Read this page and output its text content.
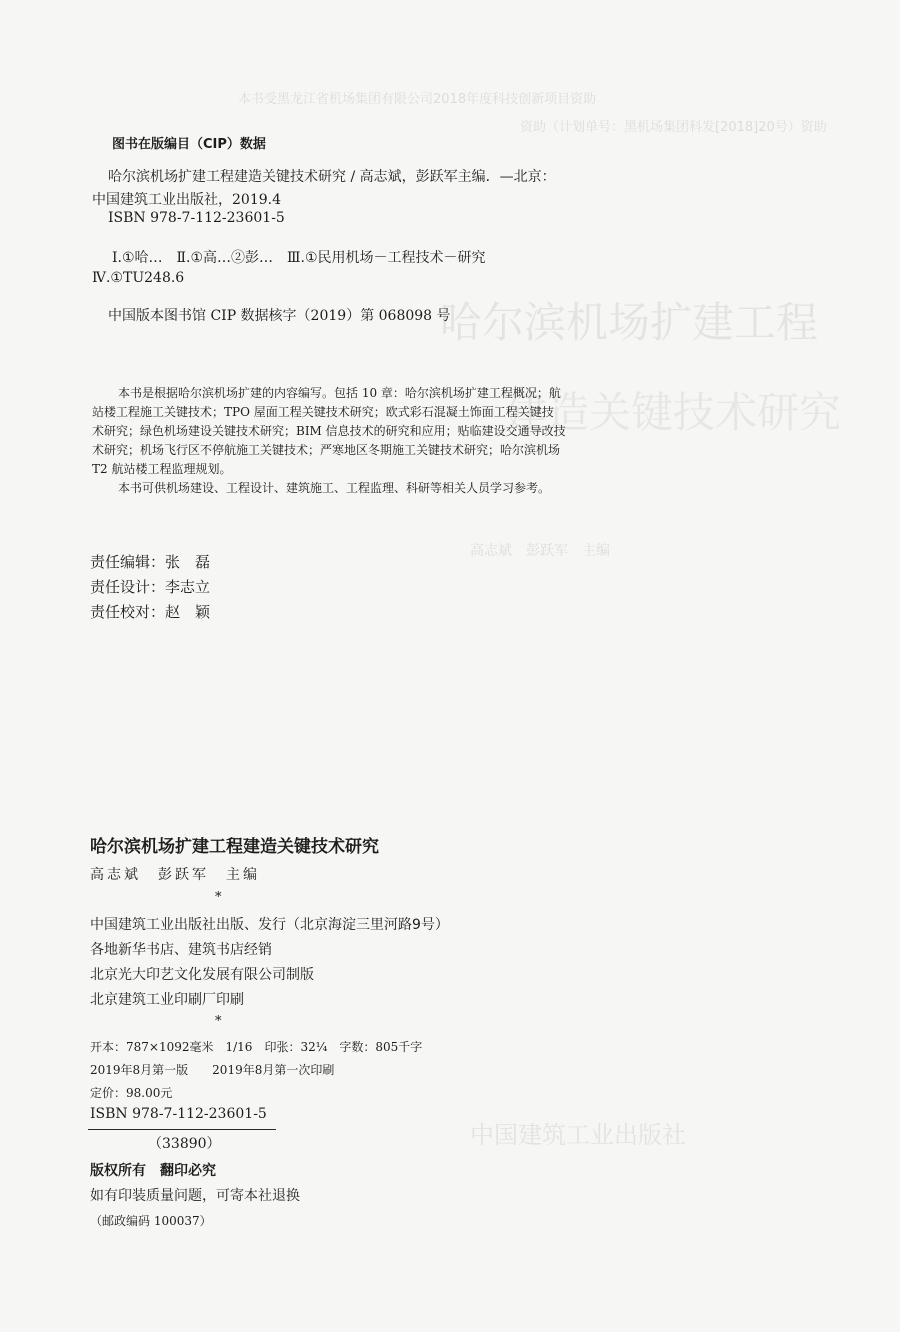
本书受黑龙江省机场集团有限公司2018年度科技创新项目资助
资助（计划单号：黑机场集团科发[2018]20号）资助
哈尔滨机场扩建工程
建造关键技术研究
高志斌　彭跃军　主编
中国建筑工业出版社
图书在版编目（CIP）数据
哈尔滨机场扩建工程建造关键技术研究 / 高志斌，彭跃军主编．—北京：
中国建筑工业出版社，2019.4
ISBN 978-7-112-23601-5
Ⅰ.①哈…　Ⅱ.①高…②彭…　Ⅲ.①民用机场－工程技术－研究
Ⅳ.①TU248.6
中国版本图书馆 CIP 数据核字（2019）第 068098 号
本书是根据哈尔滨机场扩建的内容编写。包括 10 章：哈尔滨机场扩建工程概况；航
站楼工程施工关键技术；TPO 屋面工程关键技术研究；欧式彩石混凝土饰面工程关键技
术研究；绿色机场建设关键技术研究；BIM 信息技术的研究和应用；贴临建设交通导改技
术研究；机场飞行区不停航施工关键技术；严寒地区冬期施工关键技术研究；哈尔滨机场
T2 航站楼工程监理规划。
本书可供机场建设、工程设计、建筑施工、工程监理、科研等相关人员学习参考。
责任编辑：张　磊
责任设计：李志立
责任校对：赵　颖
哈尔滨机场扩建工程建造关键技术研究
高志斌　彭跃军　主编
*
中国建筑工业出版社出版、发行（北京海淀三里河路9号）
各地新华书店、建筑书店经销
北京光大印艺文化发展有限公司制版
北京建筑工业印刷厂印刷
*
开本：787×1092毫米　1/16　印张：32¼　字数：805千字
2019年8月第一版　　2019年8月第一次印刷
定价：98.00元
ISBN 978-7-112-23601-5
（33890）
版权所有　翻印必究
如有印装质量问题，可寄本社退换
（邮政编码 100037）
